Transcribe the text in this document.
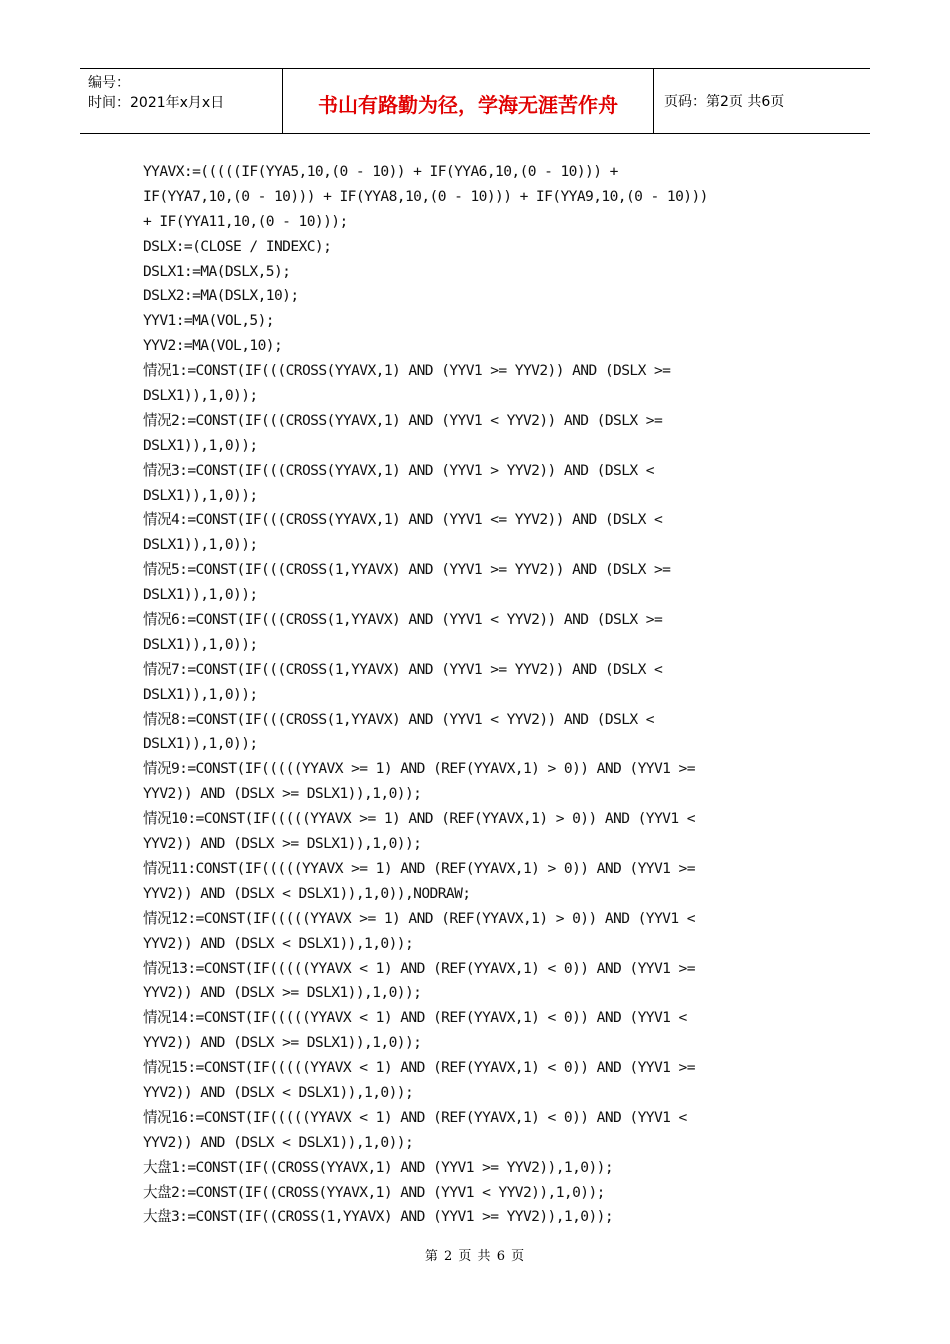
编号：
时间：2021年x月x日	书山有路勤为径，学海无涯苦作舟	页码：第2页 共6页
YYAVX:=(((((IF(YYA5,10,(0 - 10)) + IF(YYA6,10,(0 - 10))) +
IF(YYA7,10,(0 - 10))) + IF(YYA8,10,(0 - 10))) + IF(YYA9,10,(0 - 10)))
+ IF(YYA11,10,(0 - 10)));
DSLX:=(CLOSE / INDEXC);
DSLX1:=MA(DSLX,5);
DSLX2:=MA(DSLX,10);
YYV1:=MA(VOL,5);
YYV2:=MA(VOL,10);
情况1:=CONST(IF(((CROSS(YYAVX,1) AND (YYV1 >= YYV2)) AND (DSLX >=
DSLX1)),1,0));
情况2:=CONST(IF(((CROSS(YYAVX,1) AND (YYV1 < YYV2)) AND (DSLX >=
DSLX1)),1,0));
情况3:=CONST(IF(((CROSS(YYAVX,1) AND (YYV1 > YYV2)) AND (DSLX <
DSLX1)),1,0));
情况4:=CONST(IF(((CROSS(YYAVX,1) AND (YYV1 <= YYV2)) AND (DSLX <
DSLX1)),1,0));
情况5:=CONST(IF(((CROSS(1,YYAVX) AND (YYV1 >= YYV2)) AND (DSLX >=
DSLX1)),1,0));
情况6:=CONST(IF(((CROSS(1,YYAVX) AND (YYV1 < YYV2)) AND (DSLX >=
DSLX1)),1,0));
情况7:=CONST(IF(((CROSS(1,YYAVX) AND (YYV1 >= YYV2)) AND (DSLX <
DSLX1)),1,0));
情况8:=CONST(IF(((CROSS(1,YYAVX) AND (YYV1 < YYV2)) AND (DSLX <
DSLX1)),1,0));
情况9:=CONST(IF(((((YYAVX >= 1) AND (REF(YYAVX,1) > 0)) AND (YYV1 >=
YYV2)) AND (DSLX >= DSLX1)),1,0));
情况10:=CONST(IF(((((YYAVX >= 1) AND (REF(YYAVX,1) > 0)) AND (YYV1 <
YYV2)) AND (DSLX >= DSLX1)),1,0));
情况11:CONST(IF(((((YYAVX >= 1) AND (REF(YYAVX,1) > 0)) AND (YYV1 >=
YYV2)) AND (DSLX < DSLX1)),1,0)),NODRAW;
情况12:=CONST(IF(((((YYAVX >= 1) AND (REF(YYAVX,1) > 0)) AND (YYV1 <
YYV2)) AND (DSLX < DSLX1)),1,0));
情况13:=CONST(IF(((((YYAVX < 1) AND (REF(YYAVX,1) < 0)) AND (YYV1 >=
YYV2)) AND (DSLX >= DSLX1)),1,0));
情况14:=CONST(IF(((((YYAVX < 1) AND (REF(YYAVX,1) < 0)) AND (YYV1 <
YYV2)) AND (DSLX >= DSLX1)),1,0));
情况15:=CONST(IF(((((YYAVX < 1) AND (REF(YYAVX,1) < 0)) AND (YYV1 >=
YYV2)) AND (DSLX < DSLX1)),1,0));
情况16:=CONST(IF(((((YYAVX < 1) AND (REF(YYAVX,1) < 0)) AND (YYV1 <
YYV2)) AND (DSLX < DSLX1)),1,0));
大盘1:=CONST(IF((CROSS(YYAVX,1) AND (YYV1 >= YYV2)),1,0));
大盘2:=CONST(IF((CROSS(YYAVX,1) AND (YYV1 < YYV2)),1,0));
大盘3:=CONST(IF((CROSS(1,YYAVX) AND (YYV1 >= YYV2)),1,0));
第 2 页 共 6 页
